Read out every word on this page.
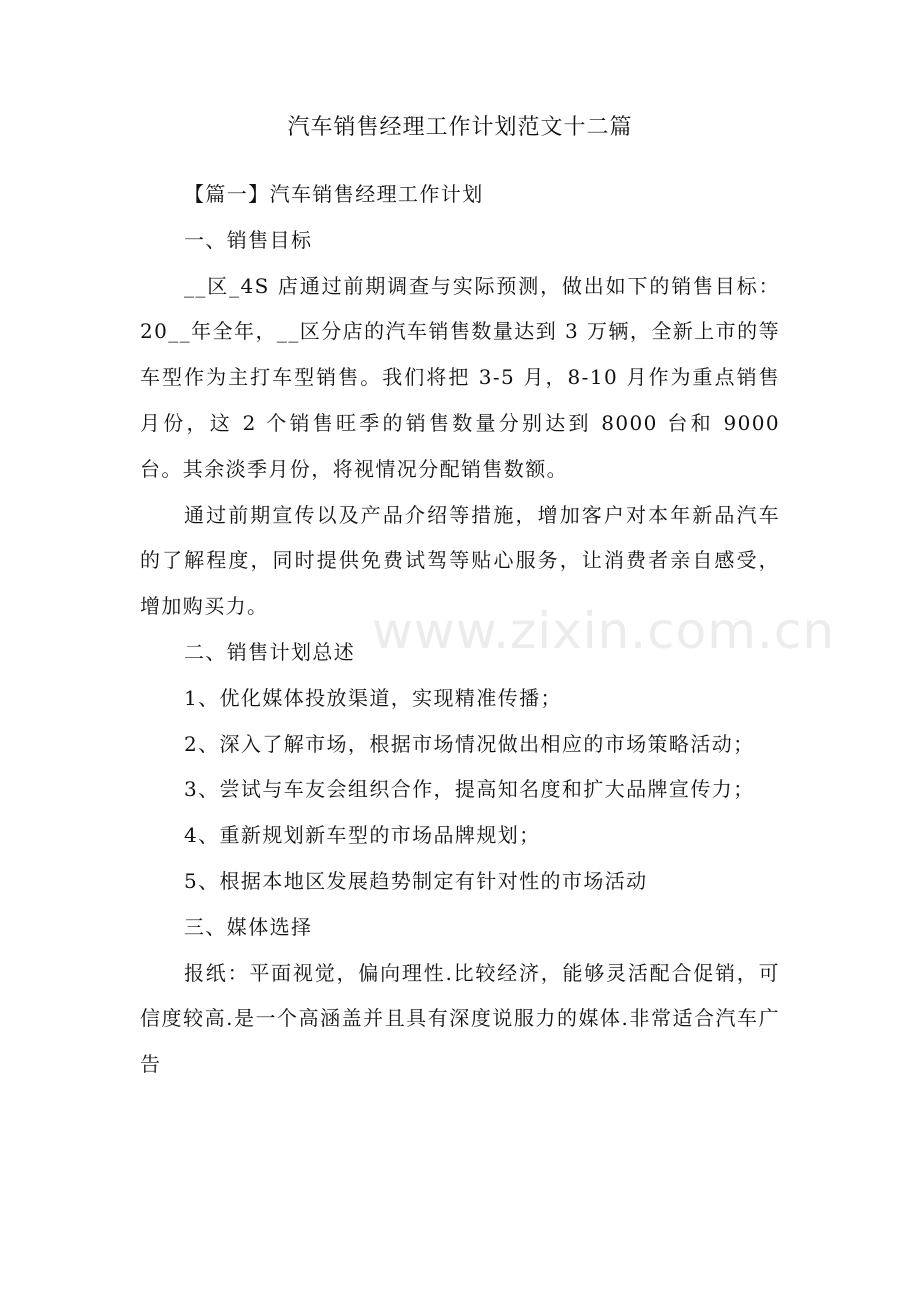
汽车销售经理工作计划范文十二篇

【篇一】汽车销售经理工作计划

一、销售目标

__区_4S 店通过前期调查与实际预测，做出如下的销售目标：20__年全年，__区分店的汽车销售数量达到 3 万辆，全新上市的等车型作为主打车型销售。我们将把 3-5 月，8-10 月作为重点销售月份，这 2 个销售旺季的销售数量分别达到 8000 台和 9000 台。其余淡季月份，将视情况分配销售数额。

通过前期宣传以及产品介绍等措施，增加客户对本年新品汽车的了解程度，同时提供免费试驾等贴心服务，让消费者亲自感受，增加购买力。

二、销售计划总述

1、优化媒体投放渠道，实现精准传播；

2、深入了解市场，根据市场情况做出相应的市场策略活动；

3、尝试与车友会组织合作，提高知名度和扩大品牌宣传力；

4、重新规划新车型的市场品牌规划；

5、根据本地区发展趋势制定有针对性的市场活动

三、媒体选择

报纸：平面视觉，偏向理性.比较经济，能够灵活配合促销，可信度较高.是一个高涵盖并且具有深度说服力的媒体.非常适合汽车广告

www.zixin.com.cn
